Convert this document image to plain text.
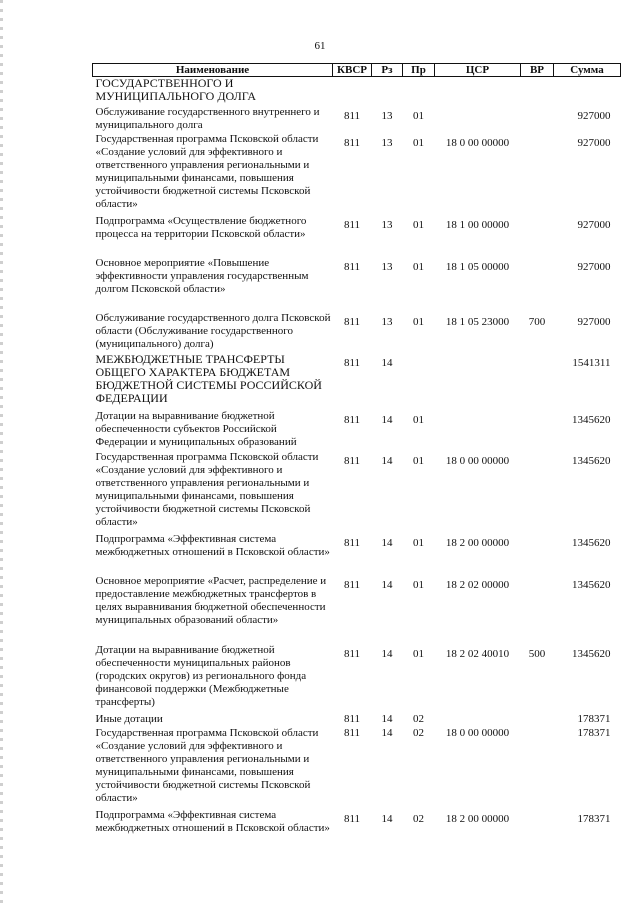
61
Наименование	КВСР	Рз	Пр	ЦСР	ВР	Сумма
ГОСУДАРСТВЕННОГО И МУНИЦИПАЛЬНОГО ДОЛГА						
Обслуживание государственного внутреннего и муниципального долга	811	13	01			927000
Государственная программа Псковской области «Создание условий для эффективного и ответственного управления региональными и муниципальными финансами, повышения устойчивости бюджетной системы Псковской области»	811	13	01	18 0 00 00000		927000
Подпрограмма «Осуществление бюджетного процесса на территории Псковской области»	811	13	01	18 1 00 00000		927000
Основное мероприятие «Повышение эффективности управления государственным долгом Псковской области»	811	13	01	18 1 05 00000		927000
Обслуживание государственного долга Псковской области (Обслуживание государственного (муниципального) долга)	811	13	01	18 1 05 23000	700	927000
МЕЖБЮДЖЕТНЫЕ ТРАНСФЕРТЫ ОБЩЕГО ХАРАКТЕРА БЮДЖЕТАМ БЮДЖЕТНОЙ СИСТЕМЫ РОССИЙСКОЙ ФЕДЕРАЦИИ	811	14				1541311
Дотации на выравнивание бюджетной обеспеченности субъектов Российской Федерации и муниципальных образований	811	14	01			1345620
Государственная программа Псковской области «Создание условий для эффективного и ответственного управления региональными и муниципальными финансами, повышения устойчивости бюджетной системы Псковской области»	811	14	01	18 0 00 00000		1345620
Подпрограмма «Эффективная система межбюджетных отношений в Псковской области»	811	14	01	18 2 00 00000		1345620
Основное мероприятие «Расчет, распределение и предоставление межбюджетных трансфертов в целях выравнивания бюджетной обеспеченности муниципальных образований области»	811	14	01	18 2 02 00000		1345620
Дотации на выравнивание бюджетной обеспеченности муниципальных районов (городских округов) из регионального фонда финансовой поддержки (Межбюджетные трансферты)	811	14	01	18 2 02 40010	500	1345620
Иные дотации	811	14	02			178371
Государственная программа Псковской области «Создание условий для эффективного и ответственного управления региональными и муниципальными финансами, повышения устойчивости бюджетной системы Псковской области»	811	14	02	18 0 00 00000		178371
Подпрограмма «Эффективная система межбюджетных отношений в Псковской области»	811	14	02	18 2 00 00000		178371
